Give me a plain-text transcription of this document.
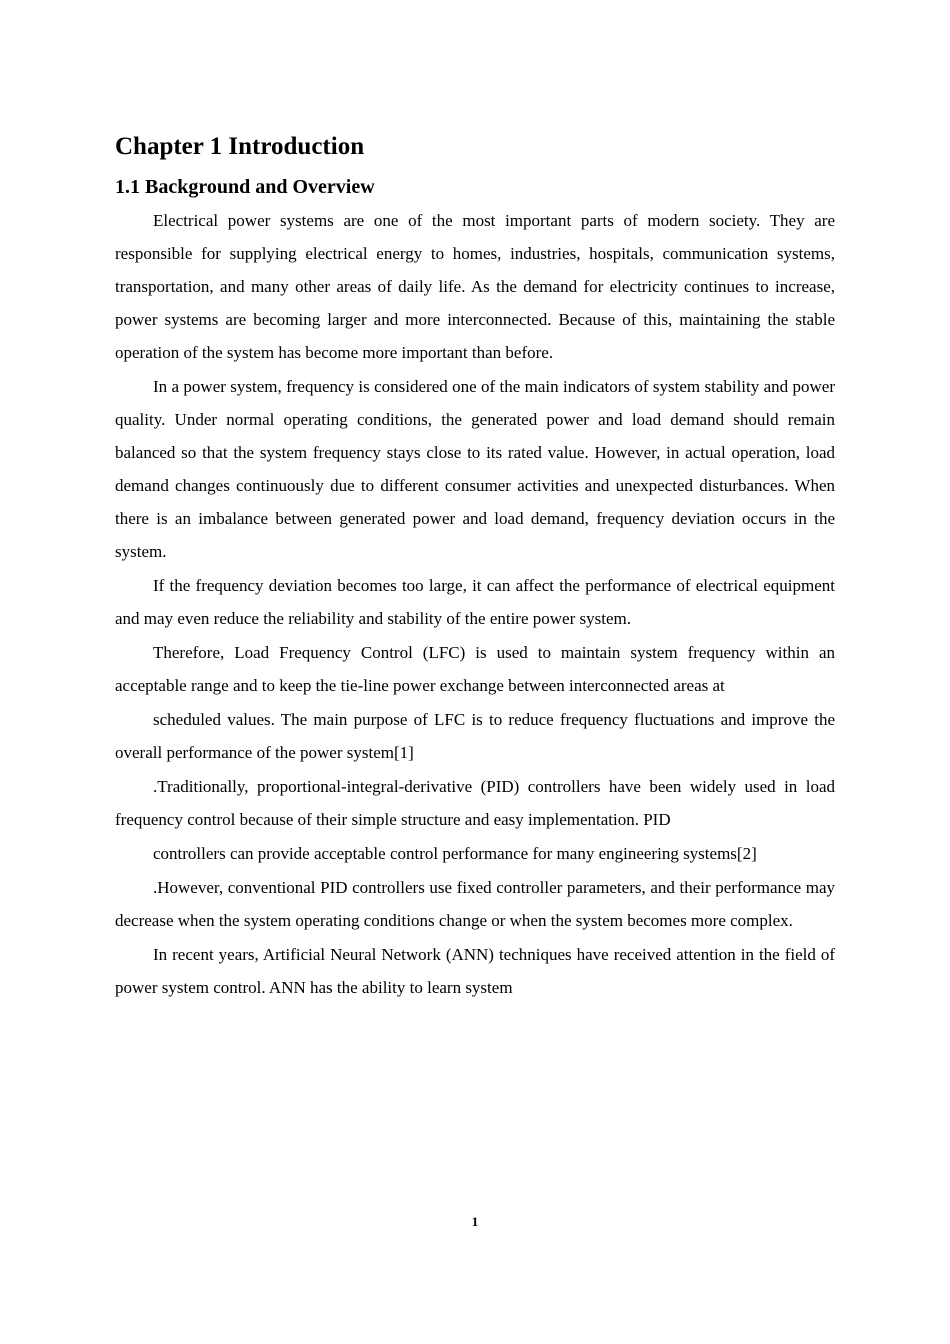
Chapter 1 Introduction
1.1 Background and Overview

Electrical power systems are one of the most important parts of modern society. They are responsible for supplying electrical energy to homes, industries, hospitals, communication systems, transportation, and many other areas of daily life. As the demand for electricity continues to increase, power systems are becoming larger and more interconnected. Because of this, maintaining the stable operation of the system has become more important than before.

In a power system, frequency is considered one of the main indicators of system stability and power quality. Under normal operating conditions, the generated power and load demand should remain balanced so that the system frequency stays close to its rated value. However, in actual operation, load demand changes continuously due to different consumer activities and unexpected disturbances. When there is an imbalance between generated power and load demand, frequency deviation occurs in the system.

If the frequency deviation becomes too large, it can affect the performance of electrical equipment and may even reduce the reliability and stability of the entire power system.

Therefore, Load Frequency Control (LFC) is used to maintain system frequency within an acceptable range and to keep the tie-line power exchange between interconnected areas at

scheduled values. The main purpose of LFC is to reduce frequency fluctuations and improve the overall performance of the power system[1]

.Traditionally, proportional-integral-derivative (PID) controllers have been widely used in load frequency control because of their simple structure and easy implementation. PID

controllers can provide acceptable control performance for many engineering systems[2]

.However, conventional PID controllers use fixed controller parameters, and their performance may decrease when the system operating conditions change or when the system becomes more complex.

In recent years, Artificial Neural Network (ANN) techniques have received attention in the field of power system control. ANN has the ability to learn system

1
